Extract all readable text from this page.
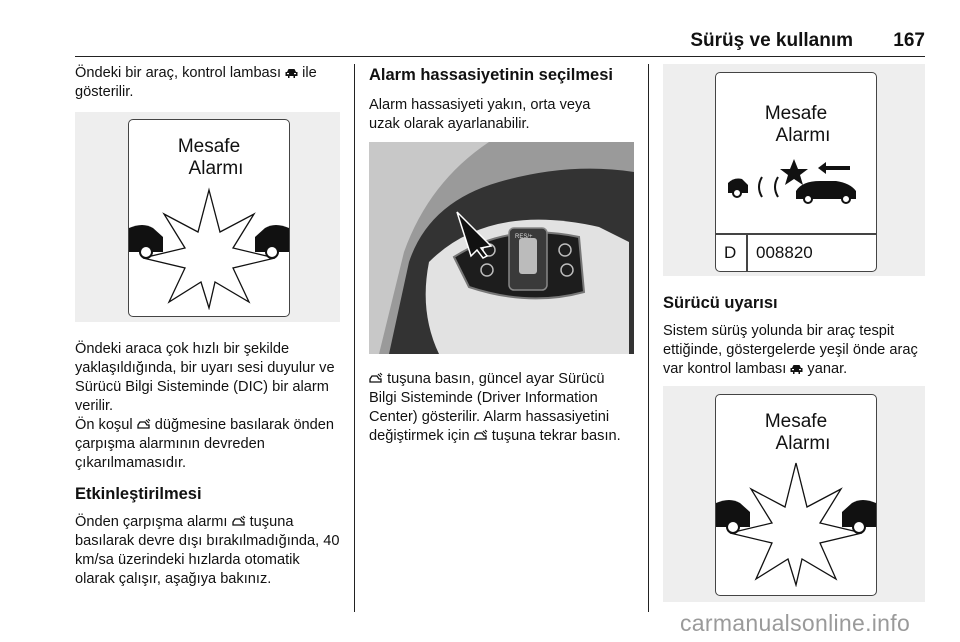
Sürüş ve kullanım 167

Öndeki bir araç, kontrol lambası ile gösterilir.

Mesafe
Alarmı

Öndeki araca çok hızlı bir şekilde yaklaşıldığında, bir uyarı sesi duyulur ve Sürücü Bilgi Sisteminde (DIC) bir alarm verilir.

Ön koşul düğmesine basılarak önden çarpışma alarmının devreden çıkarılmamasıdır.

Etkinleştirilmesi

Önden çarpışma alarmı tuşuna basılarak devre dışı bırakılmadığında, 40 km/sa üzerindeki hızlarda otomatik olarak çalışır, aşağıya bakınız.

Alarm hassasiyetinin seçilmesi

Alarm hassasiyeti yakın, orta veya uzak olarak ayarlanabilir.

RES/+

tuşuna basın, güncel ayar Sürücü Bilgi Sisteminde (Driver Information Center) gösterilir. Alarm hassasiyetini değiştirmek için tuşuna tekrar basın.

Mesafe
Alarmı
D 008820
Sürücü uyarısı

Sistem sürüş yolunda bir araç tespit ettiğinde, göstergelerde yeşil önde araç var kontrol lambası yanar.

Mesafe
Alarmı
carmanualsonline.info
